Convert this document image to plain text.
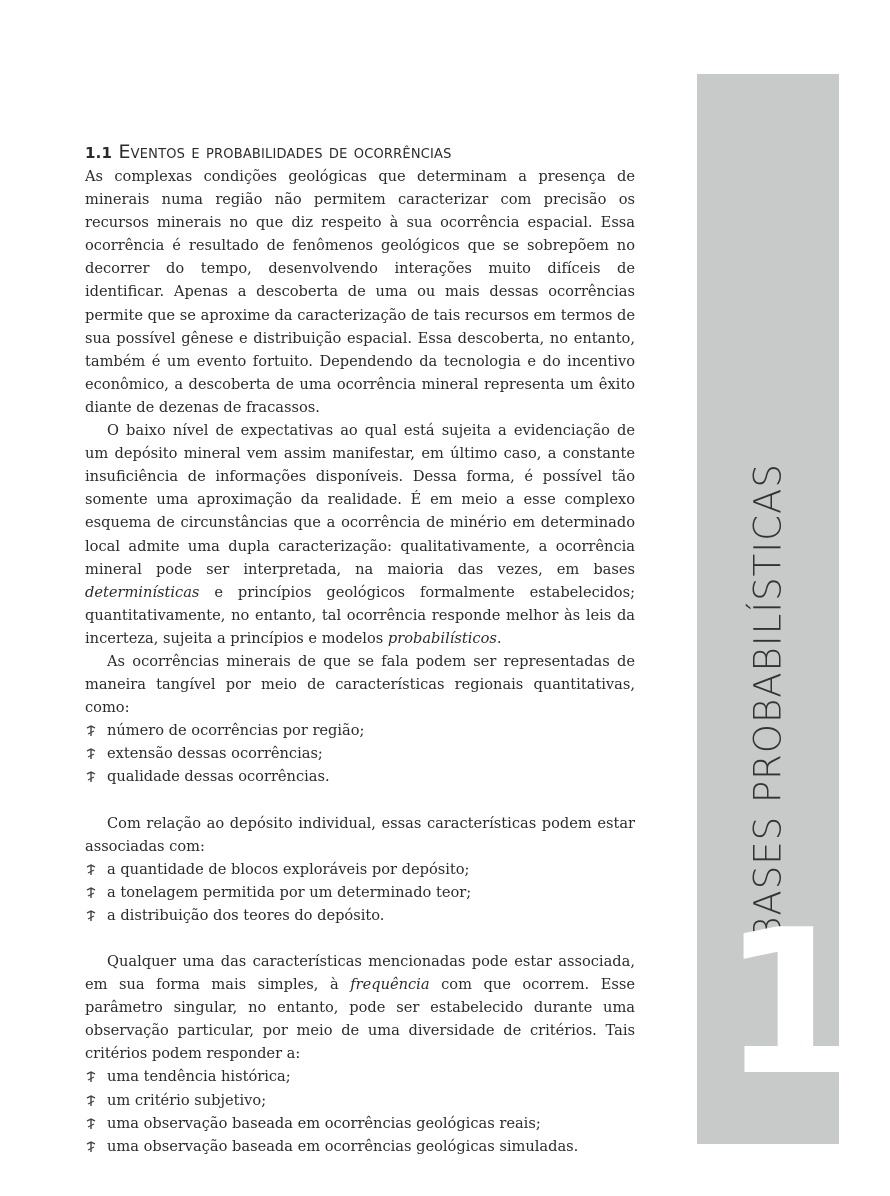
1.1 Eventos e probabilidades de ocorrências

As complexas condições geológicas que determinam a presença de minerais numa região não permitem caracterizar com precisão os recursos minerais no que diz respeito à sua ocorrência espacial. Essa ocorrência é resultado de fenômenos geológicos que se sobrepõem no decorrer do tempo, desenvolvendo interações muito difíceis de identificar. Apenas a descoberta de uma ou mais dessas ocorrências permite que se aproxime da caracterização de tais recursos em termos de sua possível gênese e distribuição espacial. Essa descoberta, no entanto, também é um evento fortuito. Dependendo da tecnologia e do incentivo econômico, a descoberta de uma ocorrência mineral representa um êxito diante de dezenas de fracassos.

O baixo nível de expectativas ao qual está sujeita a evidenciação de um depósito mineral vem assim manifestar, em último caso, a constante insuficiência de informações disponíveis. Dessa forma, é possível tão somente uma aproximação da realidade. É em meio a esse complexo esquema de circunstâncias que a ocorrência de minério em determinado local admite uma dupla caracterização: qualitativamente, a ocorrência mineral pode ser interpretada, na maioria das vezes, em bases determinísticas e princípios geológicos formalmente estabelecidos; quantitativamente, no entanto, tal ocorrência responde melhor às leis da incerteza, sujeita a princípios e modelos probabilísticos.

As ocorrências minerais de que se fala podem ser representadas de maneira tangível por meio de características regionais quantitativas, como:

número de ocorrências por região;
extensão dessas ocorrências;
qualidade dessas ocorrências.

Com relação ao depósito individual, essas características podem estar associadas com:

a quantidade de blocos exploráveis por depósito;
a tonelagem permitida por um determinado teor;
a distribuição dos teores do depósito.

Qualquer uma das características mencionadas pode estar associada, em sua forma mais simples, à frequência com que ocorrem. Esse parâmetro singular, no entanto, pode ser estabelecido durante uma observação particular, por meio de uma diversidade de critérios. Tais critérios podem responder a:

uma tendência histórica;
um critério subjetivo;
uma observação baseada em ocorrências geológicas reais;
uma observação baseada em ocorrências geológicas simuladas.
BASES PROBABILÍSTICAS
1
